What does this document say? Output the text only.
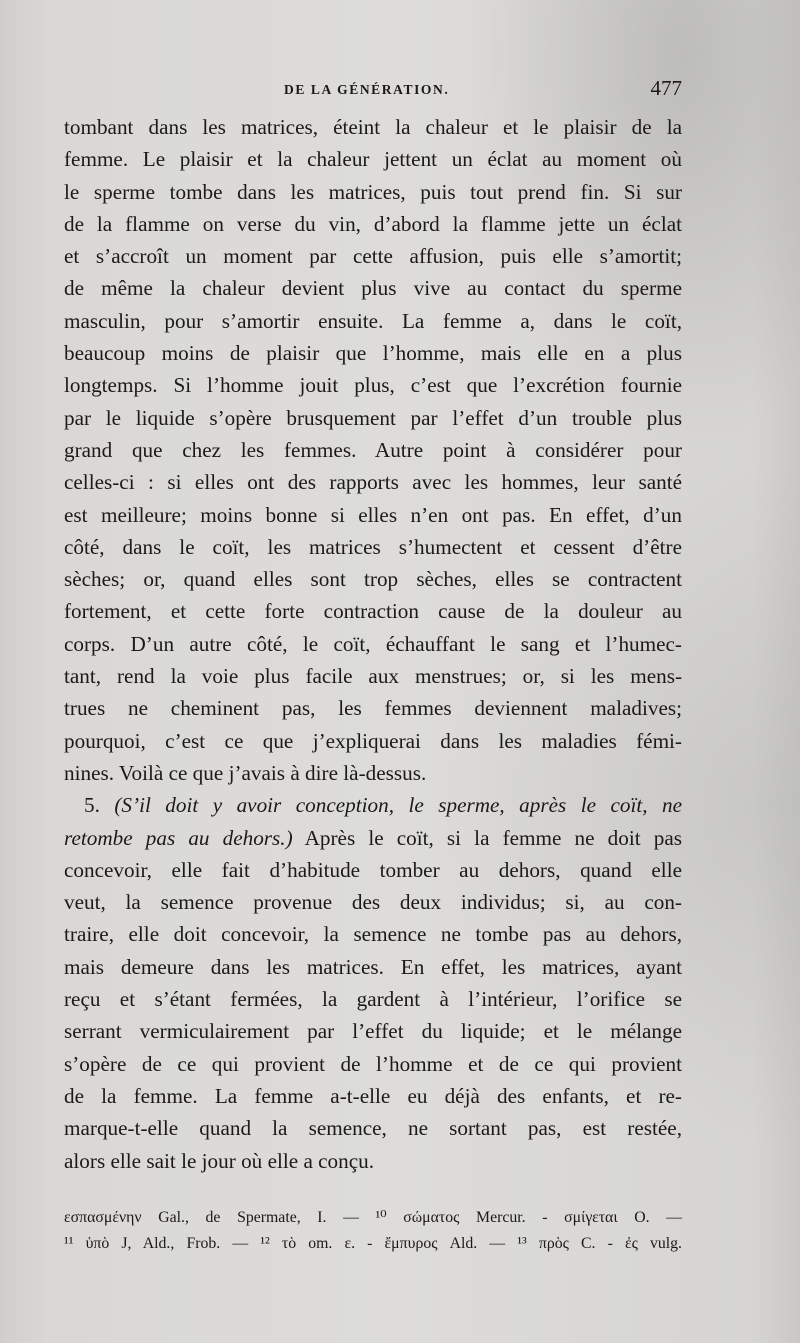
DE LA GÉNÉRATION.	477
tombant dans les matrices, éteint la chaleur et le plaisir de la
femme. Le plaisir et la chaleur jettent un éclat au moment où
le sperme tombe dans les matrices, puis tout prend fin. Si sur
de la flamme on verse du vin, d’abord la flamme jette un éclat
et s’accroît un moment par cette affusion, puis elle s’amortit;
de même la chaleur devient plus vive au contact du sperme
masculin, pour s’amortir ensuite. La femme a, dans le coït,
beaucoup moins de plaisir que l’homme, mais elle en a plus
longtemps. Si l’homme jouit plus, c’est que l’excrétion fournie
par le liquide s’opère brusquement par l’effet d’un trouble plus
grand que chez les femmes. Autre point à considérer pour
celles-ci : si elles ont des rapports avec les hommes, leur santé
est meilleure; moins bonne si elles n’en ont pas. En effet, d’un
côté, dans le coït, les matrices s’humectent et cessent d’être
sèches; or, quand elles sont trop sèches, elles se contractent
fortement, et cette forte contraction cause de la douleur au
corps. D’un autre côté, le coït, échauffant le sang et l’humec-
tant, rend la voie plus facile aux menstrues; or, si les mens-
trues ne cheminent pas, les femmes deviennent maladives;
pourquoi, c’est ce que j’expliquerai dans les maladies fémi-
nines. Voilà ce que j’avais à dire là-dessus.
5. (S’il doit y avoir conception, le sperme, après le coït, ne
retombe pas au dehors.) Après le coït, si la femme ne doit pas
concevoir, elle fait d’habitude tomber au dehors, quand elle
veut, la semence provenue des deux individus; si, au con-
traire, elle doit concevoir, la semence ne tombe pas au dehors,
mais demeure dans les matrices. En effet, les matrices, ayant
reçu et s’étant fermées, la gardent à l’intérieur, l’orifice se
serrant vermiculairement par l’effet du liquide; et le mélange
s’opère de ce qui provient de l’homme et de ce qui provient
de la femme. La femme a-t-elle eu déjà des enfants, et re-
marque-t-elle quand la semence, ne sortant pas, est restée,
alors elle sait le jour où elle a conçu.
εσπασμένην Gal., de Spermate, I. — ¹⁰ σώματος Mercur. - σμίγεται O. —
¹¹ ὑπὸ J, Ald., Frob. — ¹² τὸ om. ε. - ἔμπυρος Ald. — ¹³ πρὸς C. - ἐς vulg.
